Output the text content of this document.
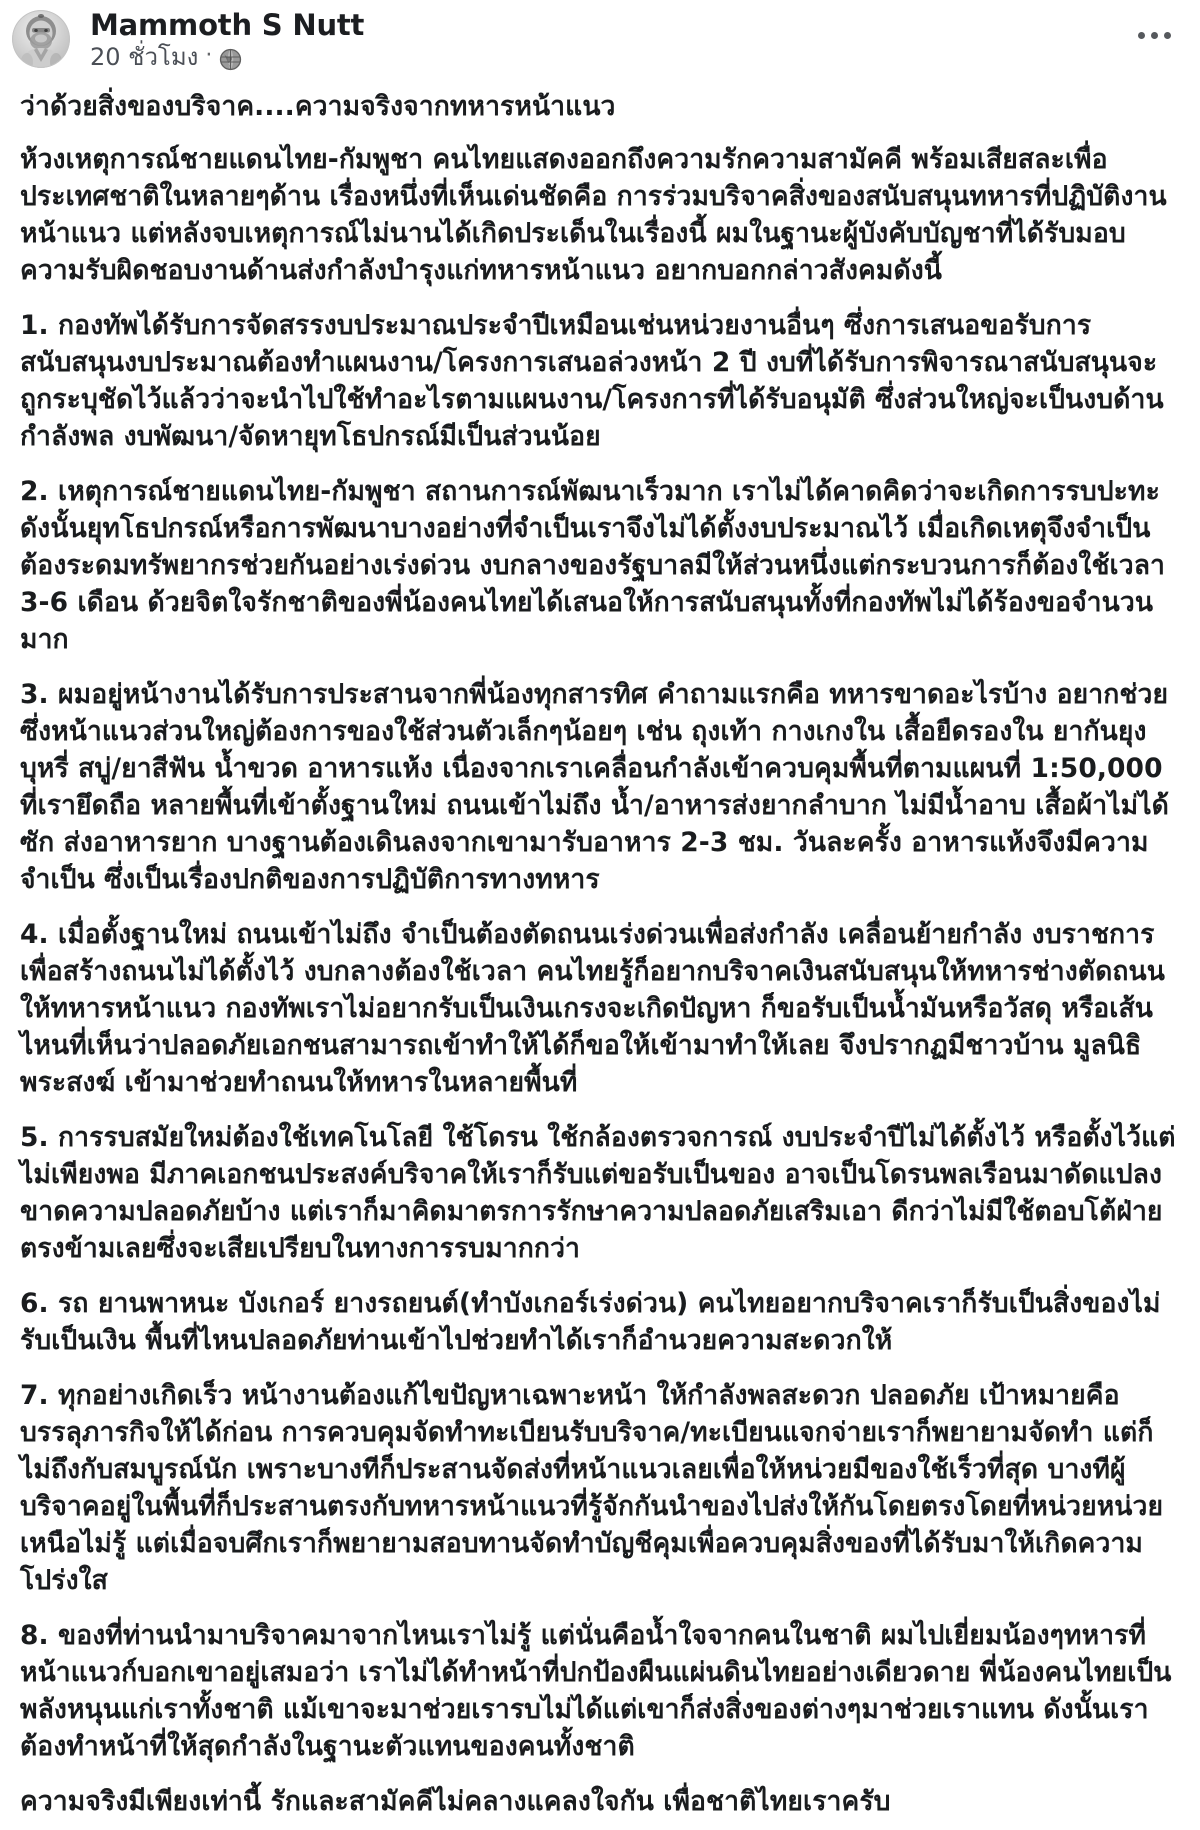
Mammoth S Nutt
20 ชั่วโมง ·

ว่าด้วยสิ่งของบริจาค....ความจริงจากทหารหน้าแนว

ห้วงเหตุการณ์ชายแดนไทย-กัมพูชา คนไทยแสดงออกถึงความรักความสามัคคี พร้อมเสียสละเพื่อประเทศชาติในหลายๆด้าน เรื่องหนึ่งที่เห็นเด่นชัดคือ การร่วมบริจาคสิ่งของสนับสนุนทหารที่ปฏิบัติงานหน้าแนว แต่หลังจบเหตุการณ์ไม่นานได้เกิดประเด็นในเรื่องนี้ ผมในฐานะผู้บังคับบัญชาที่ได้รับมอบความรับผิดชอบงานด้านส่งกำลังบำรุงแก่ทหารหน้าแนว อยากบอกกล่าวสังคมดังนี้

1. กองทัพได้รับการจัดสรรงบประมาณประจำปีเหมือนเช่นหน่วยงานอื่นๆ ซึ่งการเสนอขอรับการสนับสนุนงบประมาณต้องทำแผนงาน/โครงการเสนอล่วงหน้า 2 ปี งบที่ได้รับการพิจารณาสนับสนุนจะถูกระบุชัดไว้แล้วว่าจะนำไปใช้ทำอะไรตามแผนงาน/โครงการที่ได้รับอนุมัติ ซึ่งส่วนใหญ่จะเป็นงบด้านกำลังพล งบพัฒนา/จัดหายุทโธปกรณ์มีเป็นส่วนน้อย

2. เหตุการณ์ชายแดนไทย-กัมพูชา สถานการณ์พัฒนาเร็วมาก เราไม่ได้คาดคิดว่าจะเกิดการรบปะทะ ดังนั้นยุทโธปกรณ์หรือการพัฒนาบางอย่างที่จำเป็นเราจึงไม่ได้ตั้งงบประมาณไว้ เมื่อเกิดเหตุจึงจำเป็นต้องระดมทรัพยากรช่วยกันอย่างเร่งด่วน งบกลางของรัฐบาลมีให้ส่วนหนึ่งแต่กระบวนการก็ต้องใช้เวลา 3-6 เดือน ด้วยจิตใจรักชาติของพี่น้องคนไทยได้เสนอให้การสนับสนุนทั้งที่กองทัพไม่ได้ร้องขอจำนวนมาก

3. ผมอยู่หน้างานได้รับการประสานจากพี่น้องทุกสารทิศ คำถามแรกคือ ทหารขาดอะไรบ้าง อยากช่วย ซึ่งหน้าแนวส่วนใหญ่ต้องการของใช้ส่วนตัวเล็กๆน้อยๆ เช่น ถุงเท้า กางเกงใน เสื้อยืดรองใน ยากันยุง บุหรี่ สบู่/ยาสีฟัน น้ำขวด อาหารแห้ง เนื่องจากเราเคลื่อนกำลังเข้าควบคุมพื้นที่ตามแผนที่ 1:50,000 ที่เรายึดถือ หลายพื้นที่เข้าตั้งฐานใหม่ ถนนเข้าไม่ถึง น้ำ/อาหารส่งยากลำบาก ไม่มีน้ำอาบ เสื้อผ้าไม่ได้ซัก ส่งอาหารยาก บางฐานต้องเดินลงจากเขามารับอาหาร 2-3 ชม. วันละครั้ง อาหารแห้งจึงมีความจำเป็น ซึ่งเป็นเรื่องปกติของการปฏิบัติการทางทหาร

4. เมื่อตั้งฐานใหม่ ถนนเข้าไม่ถึง จำเป็นต้องตัดถนนเร่งด่วนเพื่อส่งกำลัง เคลื่อนย้ายกำลัง งบราชการเพื่อสร้างถนนไม่ได้ตั้งไว้ งบกลางต้องใช้เวลา คนไทยรู้ก็อยากบริจาคเงินสนับสนุนให้ทหารช่างตัดถนนให้ทหารหน้าแนว กองทัพเราไม่อยากรับเป็นเงินเกรงจะเกิดปัญหา ก็ขอรับเป็นน้ำมันหรือวัสดุ หรือเส้นไหนที่เห็นว่าปลอดภัยเอกชนสามารถเข้าทำให้ได้ก็ขอให้เข้ามาทำให้เลย จึงปรากฏมีชาวบ้าน มูลนิธิ พระสงฆ์ เข้ามาช่วยทำถนนให้ทหารในหลายพื้นที่

5. การรบสมัยใหม่ต้องใช้เทคโนโลยี ใช้โดรน ใช้กล้องตรวจการณ์ งบประจำปีไม่ได้ตั้งไว้ หรือตั้งไว้แต่ไม่เพียงพอ มีภาคเอกชนประสงค์บริจาคให้เราก็รับแต่ขอรับเป็นของ อาจเป็นโดรนพลเรือนมาดัดแปลงขาดความปลอดภัยบ้าง แต่เราก็มาคิดมาตรการรักษาความปลอดภัยเสริมเอา ดีกว่าไม่มีใช้ตอบโต้ฝ่ายตรงข้ามเลยซึ่งจะเสียเปรียบในทางการรบมากกว่า

6. รถ ยานพาหนะ บังเกอร์ ยางรถยนต์(ทำบังเกอร์เร่งด่วน) คนไทยอยากบริจาคเราก็รับเป็นสิ่งของไม่รับเป็นเงิน พื้นที่ไหนปลอดภัยท่านเข้าไปช่วยทำได้เราก็อำนวยความสะดวกให้

7. ทุกอย่างเกิดเร็ว หน้างานต้องแก้ไขปัญหาเฉพาะหน้า ให้กำลังพลสะดวก ปลอดภัย เป้าหมายคือ บรรลุภารกิจให้ได้ก่อน การควบคุมจัดทำทะเบียนรับบริจาค/ทะเบียนแจกจ่ายเราก็พยายามจัดทำ แต่ก็ไม่ถึงกับสมบูรณ์นัก เพราะบางทีก็ประสานจัดส่งที่หน้าแนวเลยเพื่อให้หน่วยมีของใช้เร็วที่สุด บางทีผู้บริจาคอยู่ในพื้นที่ก็ประสานตรงกับทหารหน้าแนวที่รู้จักกันนำของไปส่งให้กันโดยตรงโดยที่หน่วยหน่วยเหนือไม่รู้ แต่เมื่อจบศึกเราก็พยายามสอบทานจัดทำบัญชีคุมเพื่อควบคุมสิ่งของที่ได้รับมาให้เกิดความโปร่งใส

8. ของที่ท่านนำมาบริจาคมาจากไหนเราไม่รู้ แต่นั่นคือน้ำใจจากคนในชาติ ผมไปเยี่ยมน้องๆทหารที่หน้าแนวก์บอกเขาอยู่เสมอว่า เราไม่ได้ทำหน้าที่ปกป้องผืนแผ่นดินไทยอย่างเดียวดาย พี่น้องคนไทยเป็นพลังหนุนแก่เราทั้งชาติ แม้เขาจะมาช่วยเรารบไม่ได้แต่เขาก็ส่งสิ่งของต่างๆมาช่วยเราแทน ดังนั้นเราต้องทำหน้าที่ให้สุดกำลังในฐานะตัวแทนของคนทั้งชาติ

ความจริงมีเพียงเท่านี้ รักและสามัคคีไม่คลางแคลงใจกัน เพื่อชาติไทยเราครับ
